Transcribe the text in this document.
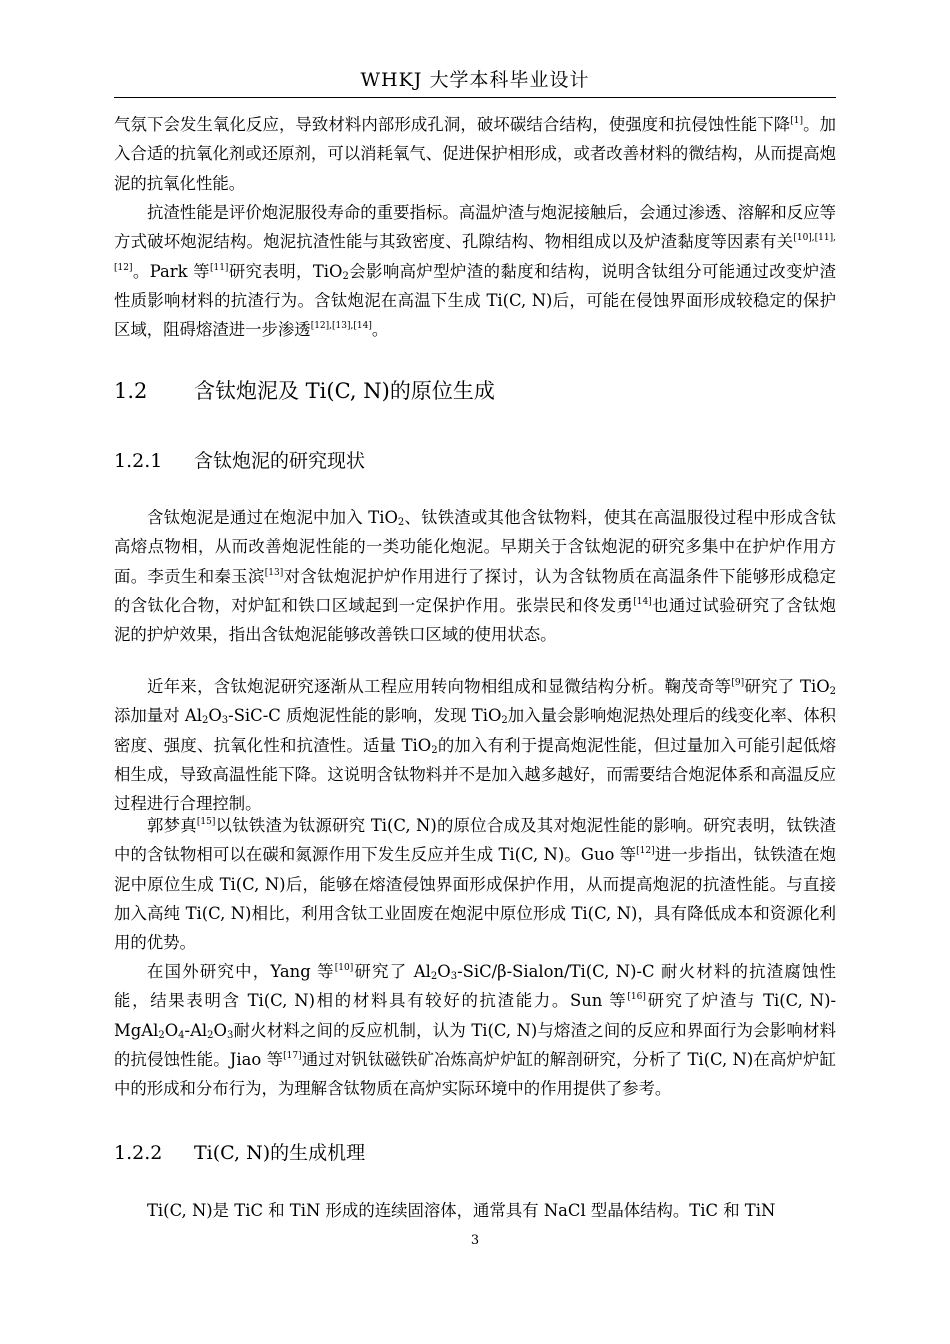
WHKJ 大学本科毕业设计

气氛下会发生氧化反应，导致材料内部形成孔洞，破坏碳结合结构，使强度和抗侵蚀性能下降[1]。加入合适的抗氧化剂或还原剂，可以消耗氧气、促进保护相形成，或者改善材料的微结构，从而提高炮泥的抗氧化性能。

抗渣性能是评价炮泥服役寿命的重要指标。高温炉渣与炮泥接触后，会通过渗透、溶解和反应等方式破坏炮泥结构。炮泥抗渣性能与其致密度、孔隙结构、物相组成以及炉渣黏度等因素有关[10],[11],[12]。Park 等[11]研究表明，TiO$_2$会影响高炉型炉渣的黏度和结构，说明含钛组分可能通过改变炉渣性质影响材料的抗渣行为。含钛炮泥在高温下生成 Ti(C, N)后，可能在侵蚀界面形成较稳定的保护区域，阻碍熔渣进一步渗透[12],[13],[14]。

1.2 含钛炮泥及 Ti(C, N)的原位生成
1.2.1 含钛炮泥的研究现状

含钛炮泥是通过在炮泥中加入 TiO$_2$、钛铁渣或其他含钛物料，使其在高温服役过程中形成含钛高熔点物相，从而改善炮泥性能的一类功能化炮泥。早期关于含钛炮泥的研究多集中在护炉作用方面。李贡生和秦玉滨[13]对含钛炮泥护炉作用进行了探讨，认为含钛物质在高温条件下能够形成稳定的含钛化合物，对炉缸和铁口区域起到一定保护作用。张崇民和佟发勇[14]也通过试验研究了含钛炮泥的护炉效果，指出含钛炮泥能够改善铁口区域的使用状态。

近年来，含钛炮泥研究逐渐从工程应用转向物相组成和显微结构分析。鞠茂奇等[9]研究了 TiO$_2$添加量对 $Al_2O_3-SiC-C$ 质炮泥性能的影响，发现 TiO$_2$加入量会影响炮泥热处理后的线变化率、体积密度、强度、抗氧化性和抗渣性。适量 TiO$_2$的加入有利于提高炮泥性能，但过量加入可能引起低熔相生成，导致高温性能下降。这说明含钛物料并不是加入越多越好，而需要结合炮泥体系和高温反应过程进行合理控制。

郭梦真[15]以钛铁渣为钛源研究 Ti(C, N)的原位合成及其对炮泥性能的影响。研究表明，钛铁渣中的含钛物相可以在碳和氮源作用下发生反应并生成 Ti(C, N)。Guo 等[12]进一步指出，钛铁渣在炮泥中原位生成 Ti(C, N)后，能够在熔渣侵蚀界面形成保护作用，从而提高炮泥的抗渣性能。与直接加入高纯 Ti(C, N)相比，利用含钛工业固废在炮泥中原位形成 Ti(C, N)，具有降低成本和资源化利用的优势。

在国外研究中，Yang 等[10]研究了 $Al_2O_3-SiC/\beta-Sialon/Ti(C$, N)-C 耐火材料的抗渣腐蚀性能，结果表明含 Ti(C, N)相的材料具有较好的抗渣能力。Sun 等[16]研究了炉渣与 Ti(C, $N)-MgAl_2O_4-Al_2O_3$耐火材料之间的反应机制，认为 Ti(C, N)与熔渣之间的反应和界面行为会影响材料的抗侵蚀性能。Jiao 等[17]通过对钒钛磁铁矿冶炼高炉炉缸的解剖研究，分析了 Ti(C, N)在高炉炉缸中的形成和分布行为，为理解含钛物质在高炉实际环境中的作用提供了参考。

1.2.2 Ti(C, N)的生成机理

Ti(C, N)是 TiC 和 TiN 形成的连续固溶体，通常具有 NaCl 型晶体结构。TiC 和 TiN

3
